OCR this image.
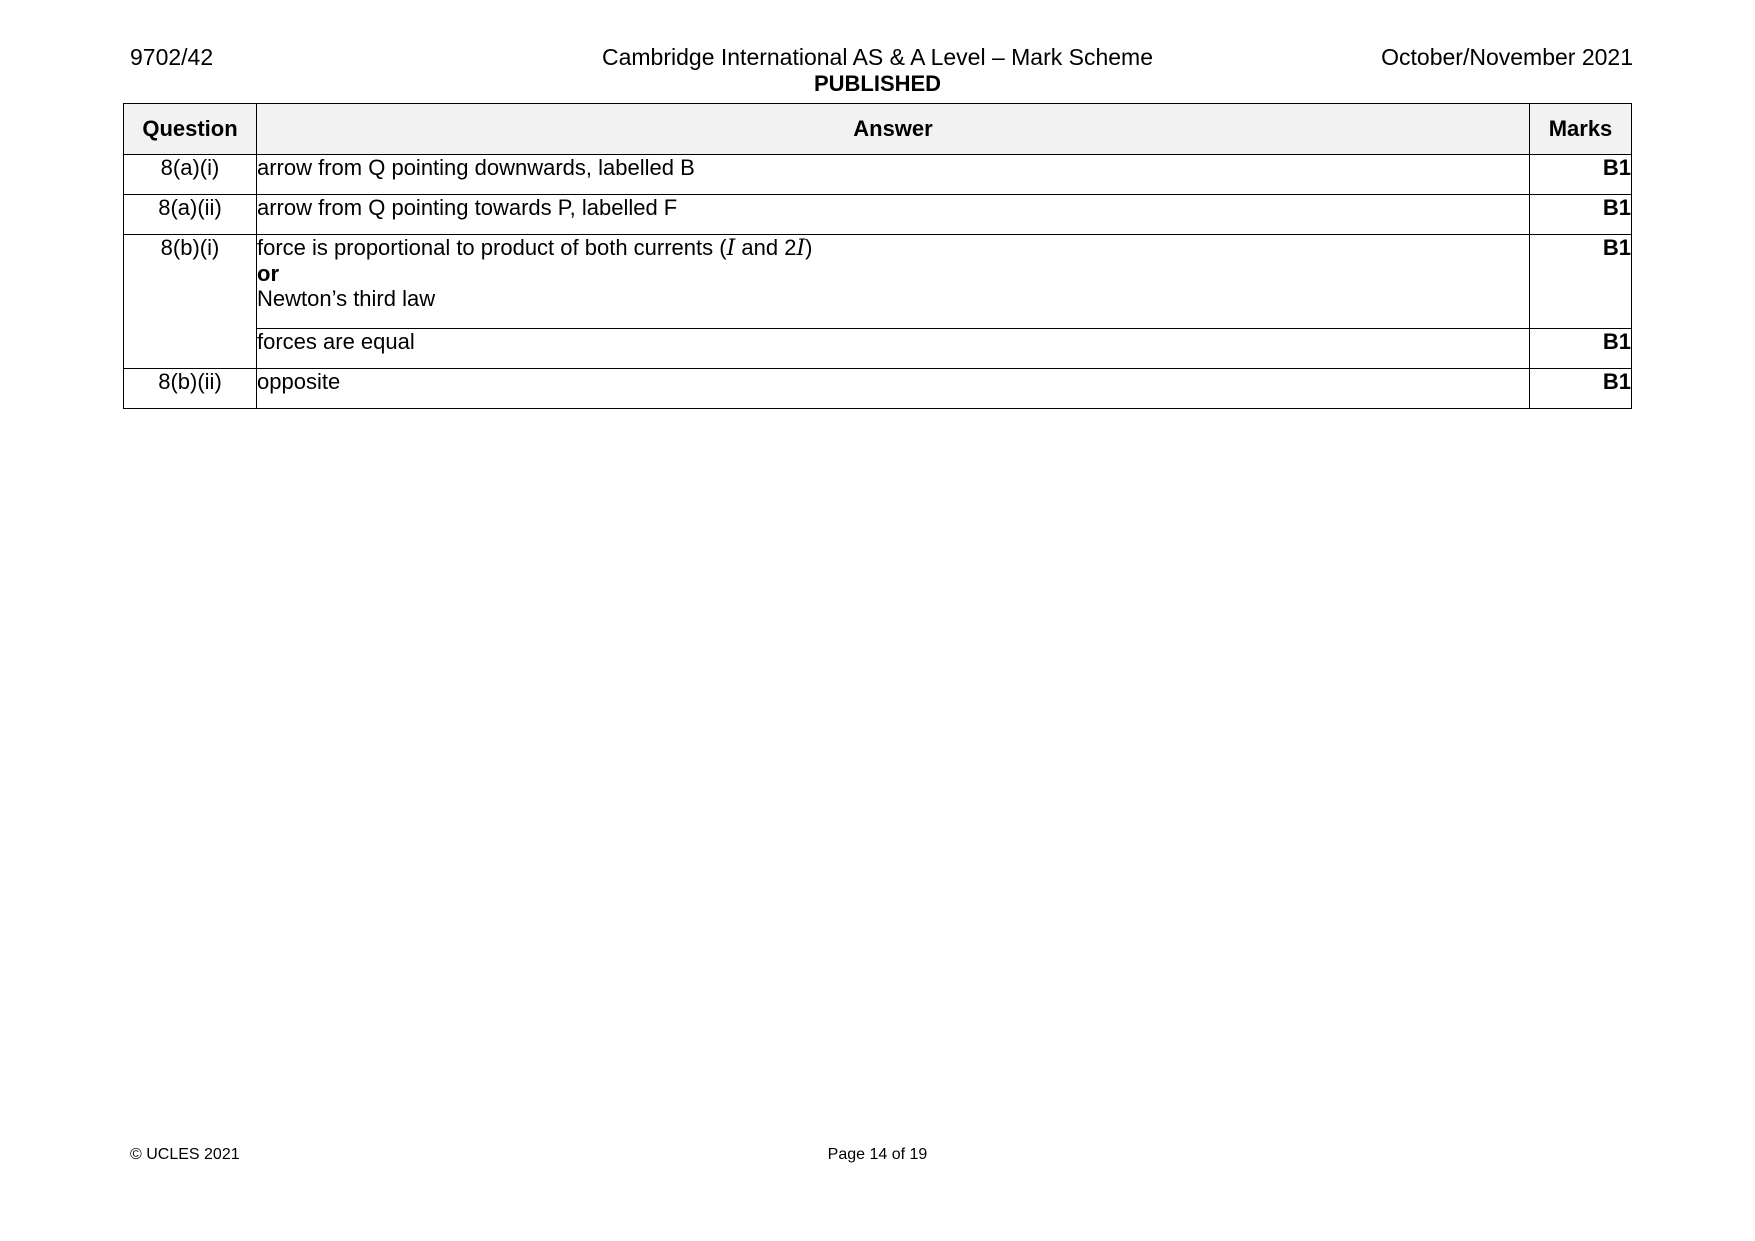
9702/42	Cambridge International AS & A Level – Mark Scheme	October/November 2021
PUBLISHED
Question	Answer	Marks
8(a)(i)	arrow from Q pointing downwards, labelled B	B1
8(a)(ii)	arrow from Q pointing towards P, labelled F	B1
8(b)(i)	force is proportional to product of both currents (I and 2I)
or
Newton’s third law	B1
	forces are equal	B1
8(b)(ii)	opposite	B1
© UCLES 2021	Page 14 of 19
